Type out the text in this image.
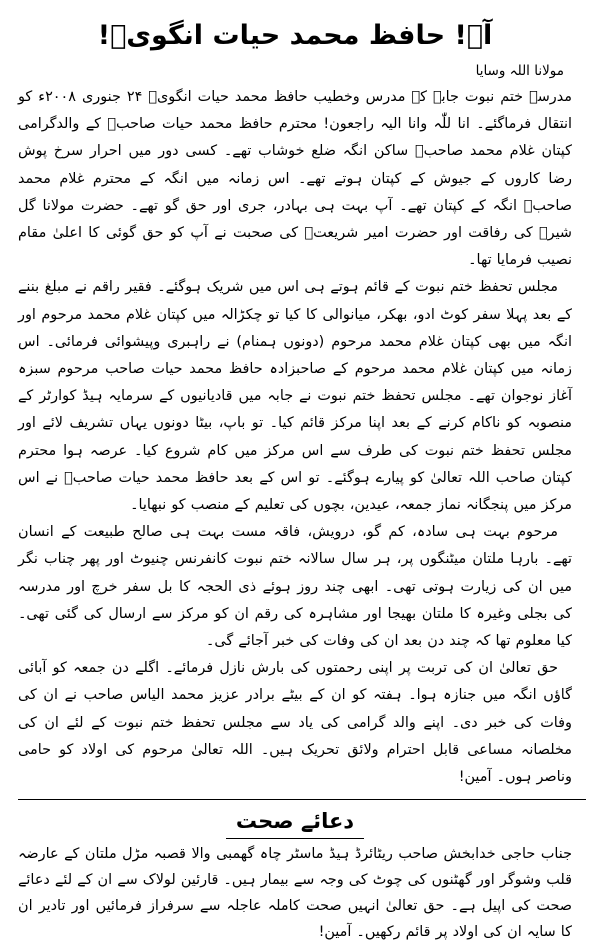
آہ! حافظ محمد حیات انگویؒ!
مولانا اللہ وسایا

مدرسہ ختم نبوت جابہ کے مدرس وخطیب حافظ محمد حیات انگویؒ ۲۴ جنوری ۲۰۰۸ء کو انتقال فرماگئے۔ انا للّٰہ وانا الیہ راجعون! محترم حافظ محمد حیات صاحبؒ کے والدگرامی کپتان غلام محمد صاحبؒ ساکن انگہ ضلع خوشاب تھے۔ کسی دور میں احرار سرخ پوش رضا کاروں کے جیوش کے کپتان ہوتے تھے۔ اس زمانہ میں انگہ کے محترم غلام محمد صاحبؒ انگہ کے کپتان تھے۔ آپ بہت ہی بہادر، جری اور حق گو تھے۔ حضرت مولانا گل شیرؒ کی رفاقت اور حضرت امیر شریعتؒ کی صحبت نے آپ کو حق گوئی کا اعلیٰ مقام نصیب فرمایا تھا۔

مجلس تحفظ ختم نبوت کے قائم ہوتے ہی اس میں شریک ہوگئے۔ فقیر راقم نے مبلغ بننے کے بعد پہلا سفر کوٹ ادو، بھکر، میانوالی کا کیا تو چکڑالہ میں کپتان غلام محمد مرحوم اور انگہ میں بھی کپتان غلام محمد مرحوم (دونوں ہمنام) نے راہبری وپیشوائی فرمائی۔ اس زمانہ میں کپتان غلام محمد مرحوم کے صاحبزادہ حافظ محمد حیات صاحب مرحوم سبزہ آغاز نوجوان تھے۔ مجلس تحفظ ختم نبوت نے جابہ میں قادیانیوں کے سرمایہ ہیڈ کوارٹر کے منصوبہ کو ناکام کرنے کے بعد اپنا مرکز قائم کیا۔ تو باپ، بیٹا دونوں یہاں تشریف لائے اور مجلس تحفظ ختم نبوت کی طرف سے اس مرکز میں کام شروع کیا۔ عرصہ ہوا محترم کپتان صاحب اللہ تعالیٰ کو پیارے ہوگئے۔ تو اس کے بعد حافظ محمد حیات صاحبؒ نے اس مرکز میں پنجگانہ نماز جمعہ، عیدین، بچوں کی تعلیم کے منصب کو نبھایا۔

مرحوم بہت ہی سادہ، کم گو، درویش، فاقہ مست بہت ہی صالح طبیعت کے انسان تھے۔ بارہا ملتان میٹنگوں پر، ہر سال سالانہ ختم نبوت کانفرنس چنیوٹ اور پھر چناب نگر میں ان کی زیارت ہوتی تھی۔ ابھی چند روز ہوئے ذی الحجہ کا بل سفر خرچ اور مدرسہ کی بجلی وغیرہ کا ملتان بھیجا اور مشاہرہ کی رقم ان کو مرکز سے ارسال کی گئی تھی۔ کیا معلوم تھا کہ چند دن بعد ان کی وفات کی خبر آجائے گی۔

حق تعالیٰ ان کی تربت پر اپنی رحمتوں کی بارش نازل فرمائے۔ اگلے دن جمعہ کو آبائی گاؤں انگہ میں جنازہ ہوا۔ ہفتہ کو ان کے بیٹے برادر عزیز محمد الیاس صاحب نے ان کی وفات کی خبر دی۔ اپنے والد گرامی کی یاد سے مجلس تحفظ ختم نبوت کے لئے ان کی مخلصانہ مساعی قابل احترام ولائق تحریک ہیں۔ اللہ تعالیٰ مرحوم کی اولاد کو حامی وناصر ہوں۔ آمین!

دعائے صحت

جناب حاجی خدابخش صاحب ریٹائرڈ ہیڈ ماسٹر چاہ گھمبی والا قصبہ مڑل ملتان کے عارضہ قلب وشوگر اور گھٹنوں کی چوٹ کی وجہ سے بیمار ہیں۔ قارئین لولاک سے ان کے لئے دعائے صحت کی اپیل ہے۔ حق تعالیٰ انہیں صحت کاملہ عاجلہ سے سرفراز فرمائیں اور تادیر ان کا سایہ ان کی اولاد پر قائم رکھیں۔ آمین!
